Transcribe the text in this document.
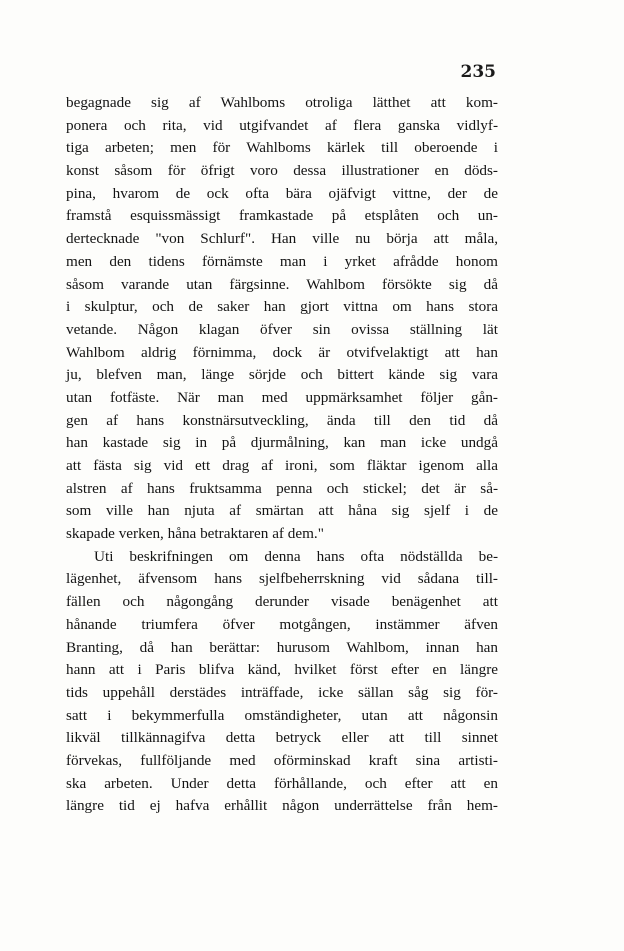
235
begagnade sig af Wahlboms otroliga lätthet att kom-
ponera och rita, vid utgifvandet af flera ganska vidlyf-
tiga arbeten; men för Wahlboms kärlek till oberoende i
konst såsom för öfrigt voro dessa illustrationer en döds-
pina, hvarom de ock ofta bära ojäfvigt vittne, der de
framstå esquissmässigt framkastade på etsplåten och un-
dertecknade "von Schlurf". Han ville nu börja att måla,
men den tidens förnämste man i yrket afrådde honom
såsom varande utan färgsinne. Wahlbom försökte sig då
i skulptur, och de saker han gjort vittna om hans stora
vetande. Någon klagan öfver sin ovissa ställning lät
Wahlbom aldrig förnimma, dock är otvifvelaktigt att han
ju, blefven man, länge sörjde och bittert kände sig vara
utan fotfäste. När man med uppmärksamhet följer gån-
gen af hans konstnärsutveckling, ända till den tid då
han kastade sig in på djurmålning, kan man icke undgå
att fästa sig vid ett drag af ironi, som fläktar igenom alla
alstren af hans fruktsamma penna och stickel; det är så-
som ville han njuta af smärtan att håna sig sjelf i de
skapade verken, håna betraktaren af dem."
Uti beskrifningen om denna hans ofta nödställda be-
lägenhet, äfvensom hans sjelfbeherrskning vid sådana till-
fällen och någongång derunder visade benägenhet att
hånande triumfera öfver motgången, instämmer äfven
Branting, då han berättar: hurusom Wahlbom, innan han
hann att i Paris blifva känd, hvilket först efter en längre
tids uppehåll derstädes inträffade, icke sällan såg sig för-
satt i bekymmerfulla omständigheter, utan att någonsin
likväl tillkännagifva detta betryck eller att till sinnet
förvekas, fullföljande med oförminskad kraft sina artisti-
ska arbeten. Under detta förhållande, och efter att en
längre tid ej hafva erhållit någon underrättelse från hem-
